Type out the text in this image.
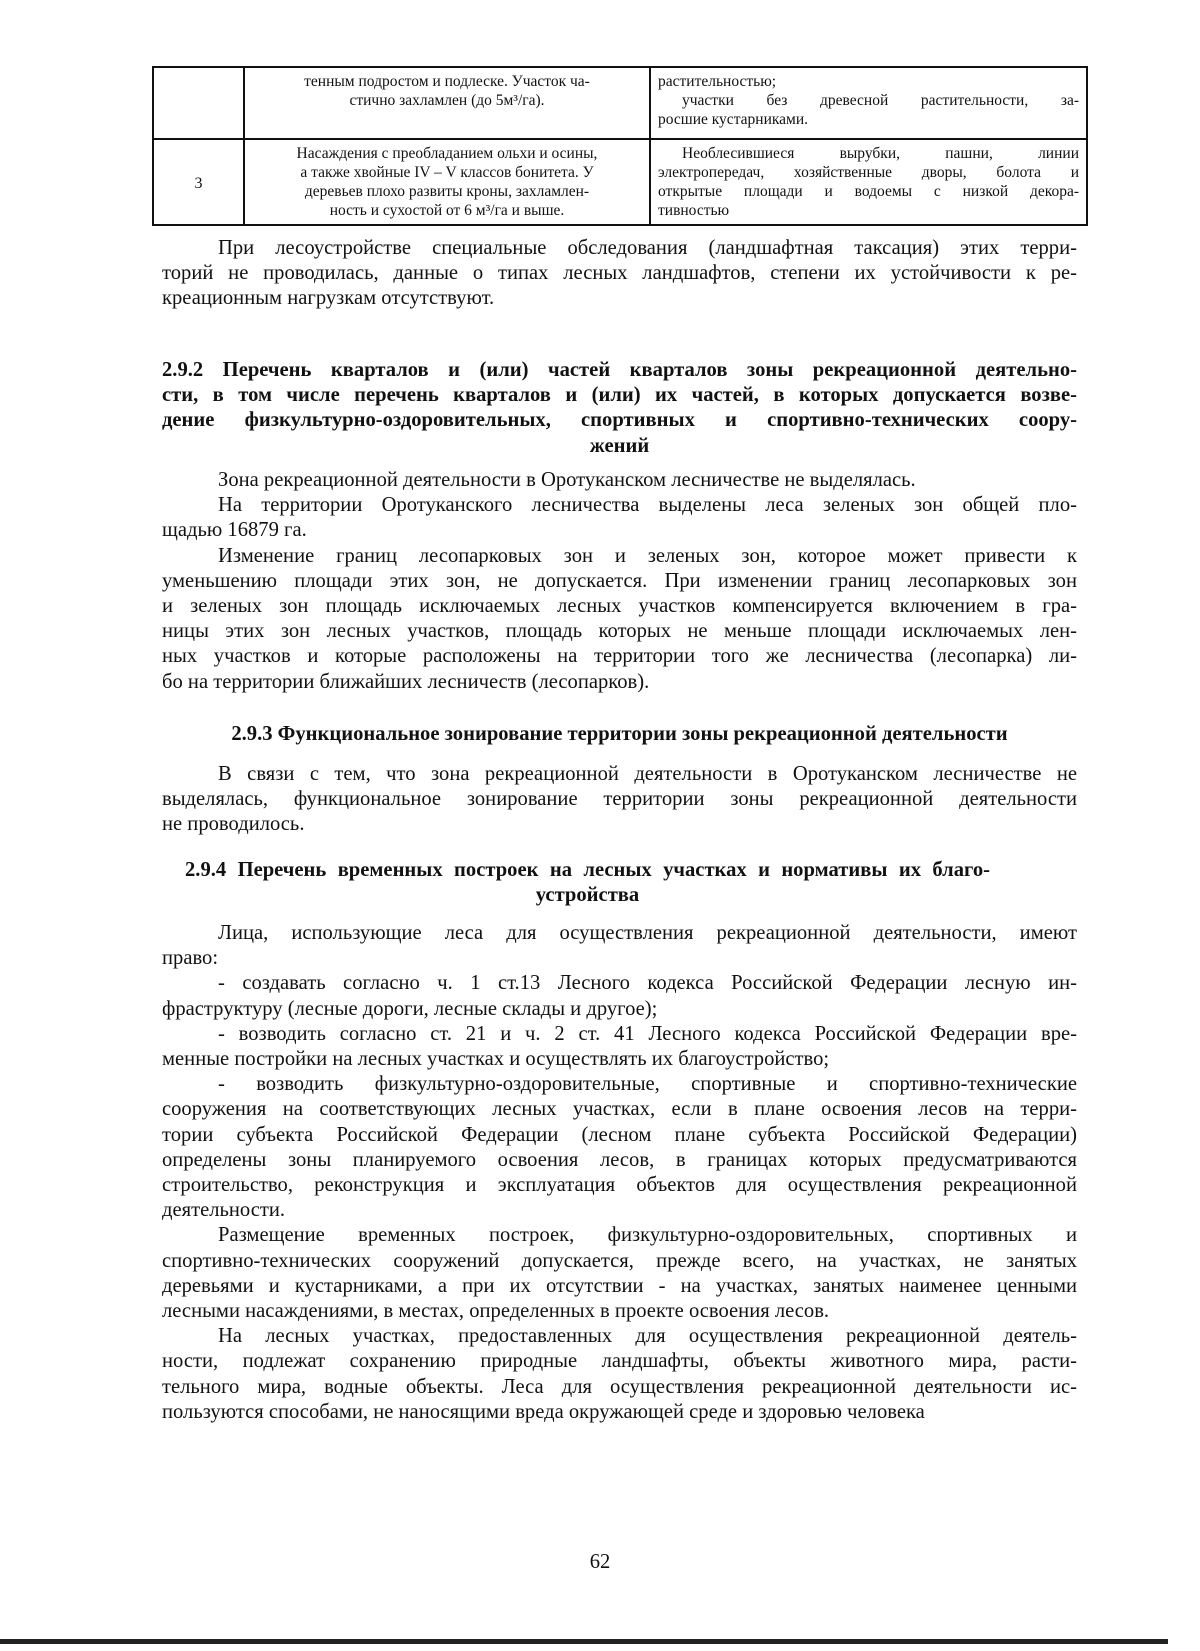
	тенным подростом и подлеске. Участок ча-
стично захламлен (до 5м³/га).	растительностью;
участки без древесной растительности, за-
росшие кустарниками.

3	Насаждения с преобладанием ольхи и осины,
а также хвойные IV – V классов бонитета. У
деревьев плохо развиты кроны, захламлен-
ность и сухостой от 6 м³/га и выше.	Необлесившиеся вырубки, пашни, линии
электропередач, хозяйственные дворы, болота и
открытые площади и водоемы с низкой декора-
тивностью

При лесоустройстве специальные обследования (ландшафтная таксация) этих терри-
торий не проводилась, данные о типах лесных ландшафтов, степени их устойчивости к ре-
креационным нагрузкам отсутствуют.

2.9.2 Перечень кварталов и (или) частей кварталов зоны рекреационной деятельно-
сти, в том числе перечень кварталов и (или) их частей, в которых допускается возве-
дение физкультурно-оздоровительных, спортивных и спортивно-технических соору-
жений
Зона рекреационной деятельности в Оротуканском лесничестве не выделялась.
На территории Оротуканского лесничества выделены леса зеленых зон общей пло-
щадью 16879 га.
Изменение границ лесопарковых зон и зеленых зон, которое может привести к
уменьшению площади этих зон, не допускается. При изменении границ лесопарковых зон
и зеленых зон площадь исключаемых лесных участков компенсируется включением в гра-
ницы этих зон лесных участков, площадь которых не меньше площади исключаемых лен-
ных участков и которые расположены на территории того же лесничества (лесопарка) ли-
бо на территории ближайших лесничеств (лесопарков).
2.9.3 Функциональное зонирование территории зоны рекреационной деятельности
В связи с тем, что зона рекреационной деятельности в Оротуканском лесничестве не
выделялась, функциональное зонирование территории зоны рекреационной деятельности
не проводилось.
2.9.4 Перечень временных построек на лесных участках и нормативы их благо-
устройства
Лица, использующие леса для осуществления рекреационной деятельности, имеют
право:
- создавать согласно ч. 1 ст.13 Лесного кодекса Российской Федерации лесную ин-
фраструктуру (лесные дороги, лесные склады и другое);
- возводить согласно ст. 21 и ч. 2 ст. 41 Лесного кодекса Российской Федерации вре-
менные постройки на лесных участках и осуществлять их благоустройство;
- возводить физкультурно-оздоровительные, спортивные и спортивно-технические
сооружения на соответствующих лесных участках, если в плане освоения лесов на терри-
тории субъекта Российской Федерации (лесном плане субъекта Российской Федерации)
определены зоны планируемого освоения лесов, в границах которых предусматриваются
строительство, реконструкция и эксплуатация объектов для осуществления рекреационной
деятельности.
Размещение временных построек, физкультурно-оздоровительных, спортивных и
спортивно-технических сооружений допускается, прежде всего, на участках, не занятых
деревьями и кустарниками, а при их отсутствии - на участках, занятых наименее ценными
лесными насаждениями, в местах, определенных в проекте освоения лесов.
На лесных участках, предоставленных для осуществления рекреационной деятель-
ности, подлежат сохранению природные ландшафты, объекты животного мира, расти-
тельного мира, водные объекты. Леса для осуществления рекреационной деятельности ис-
пользуются способами, не наносящими вреда окружающей среде и здоровью человека
62
